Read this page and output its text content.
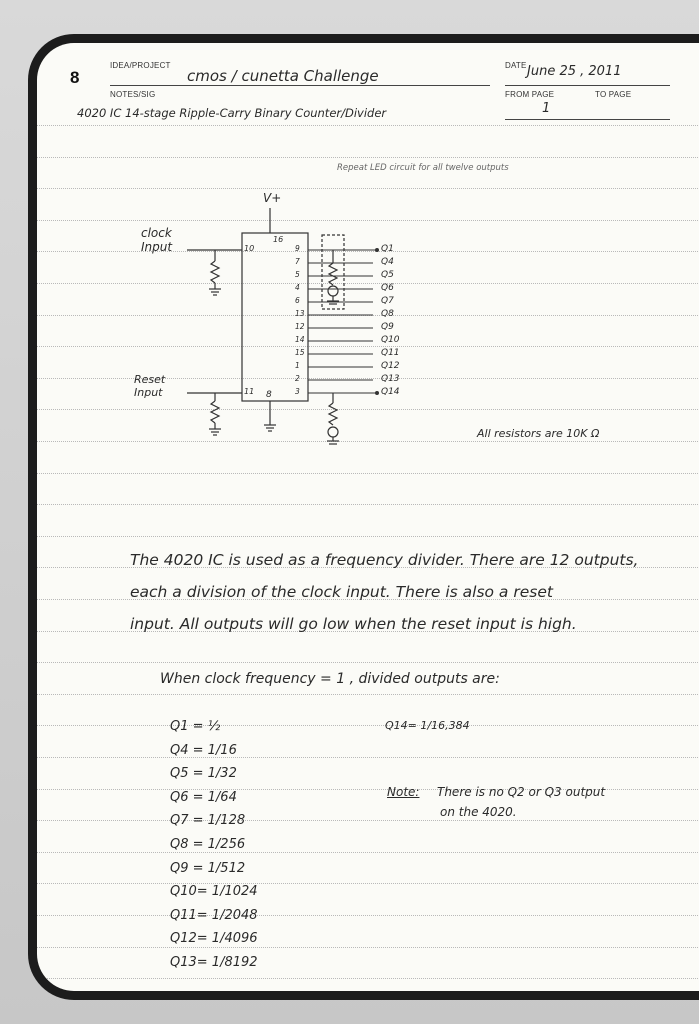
8
IDEA/PROJECT
cmos / cunetta Challenge
NOTES/SIG
4020 IC 14-stage Ripple-Carry Binary Counter/Divider
DATE June 25 , 2011
FROM PAGE
1
TO PAGE
Repeat LED circuit for all twelve outputs
V+
clock
Input
Reset
Input
16
10
11 8
9
7
5
4
6
13
12
14
15
1
2
3
Q1
Q4
Q5
Q6
Q7
Q8
Q9
Q10
Q11
Q12
Q13
Q14
All resistors are 10K Ω
The 4020 IC is used as a frequency divider. There are 12 outputs,
each a division of the clock input. There is also a reset
input. All outputs will go low when the reset input is high.
When clock frequency = 1 , divided outputs are:
Q1 = ½
Q4 = 1/16
Q5 = 1/32
Q6 = 1/64
Q7 = 1/128
Q8 = 1/256
Q9 = 1/512
Q10= 1/1024
Q11= 1/2048
Q12= 1/4096
Q13= 1/8192
Q14= 1/16,384
Note: There is no Q2 or Q3 output
on the 4020.
